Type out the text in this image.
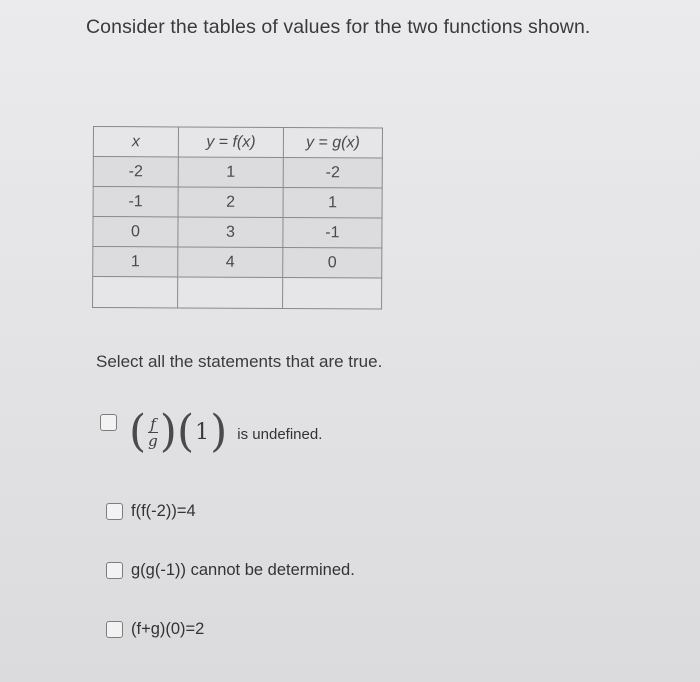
Consider the tables of values for the two functions shown.
x	y = f(x)	y = g(x)
-2	1	-2
-1	2	1
0	3	-1
1	4	0

Select all the statements that are true.
( $\frac{f}{g}$ ) ( 1 ) is undefined.
f(f(-2))=4
g(g(-1)) cannot be determined.
(f+g)(0)=2
